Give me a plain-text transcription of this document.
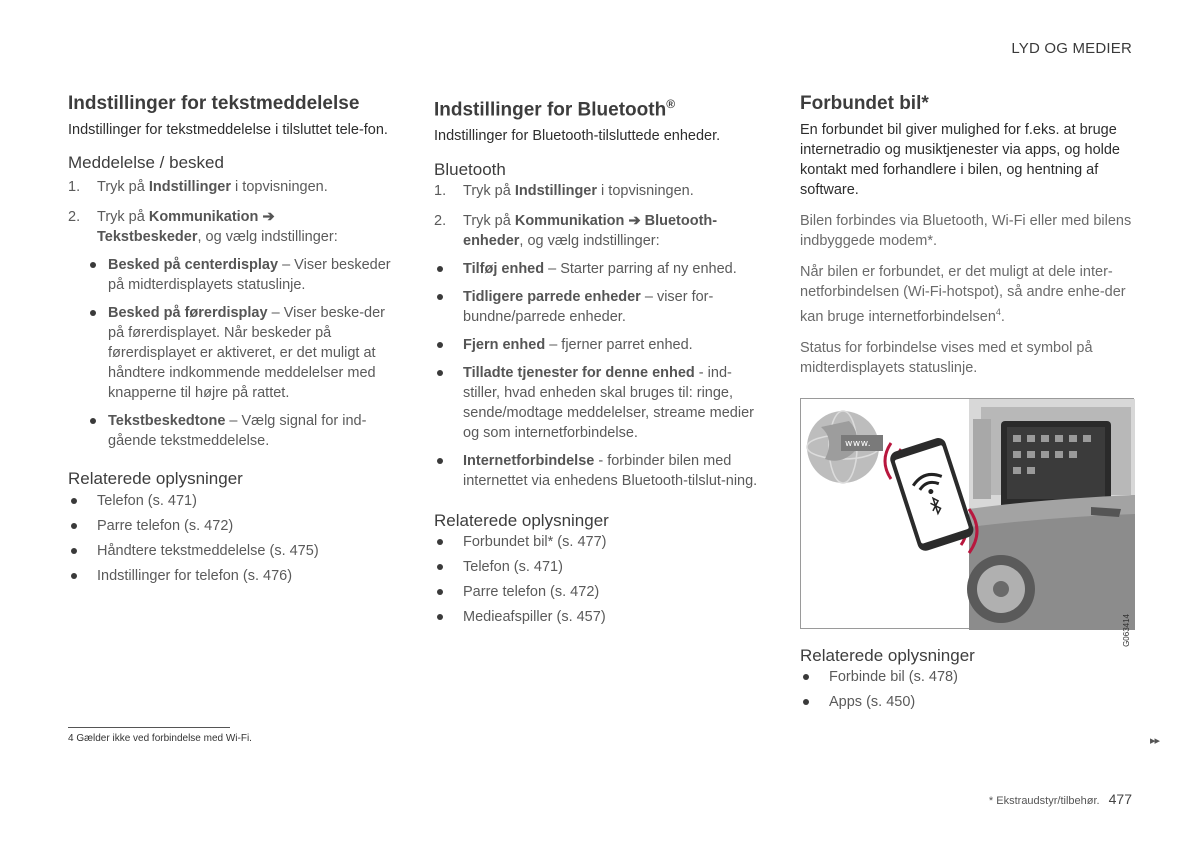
LYD OG MEDIER
Indstillinger for tekstmeddelelse

Indstillinger for tekstmeddelelse i tilsluttet tele-fon.

Meddelelse / besked
1. Tryk på Indstillinger i topvisningen.
2. Tryk på Kommunikation ➔
Tekstbeskeder, og vælg indstillinger:
Besked på centerdisplay – Viser beskeder på midterdisplayets statuslinje.
Besked på førerdisplay – Viser beske-der på førerdisplayet. Når beskeder på førerdisplayet er aktiveret, er det muligt at håndtere indkommende meddelelser med knapperne til højre på rattet.
Tekstbeskedtone – Vælg signal for ind-gående tekstmeddelelse.
Relaterede oplysninger
Telefon (s. 471)
Parre telefon (s. 472)
Håndtere tekstmeddelelse (s. 475)
Indstillinger for telefon (s. 476)
Indstillinger for Bluetooth®

Indstillinger for Bluetooth-tilsluttede enheder.

Bluetooth
1. Tryk på Indstillinger i topvisningen.
2. Tryk på Kommunikation ➔ Bluetooth-enheder, og vælg indstillinger:
Tilføj enhed – Starter parring af ny enhed.
Tidligere parrede enheder – viser for-bundne/parrede enheder.
Fjern enhed – fjerner parret enhed.
Tilladte tjenester for denne enhed - ind-stiller, hvad enheden skal bruges til: ringe, sende/modtage meddelelser, streame medier og som internetforbindelse.
Internetforbindelse - forbinder bilen med internettet via enhedens Bluetooth-tilslut-ning.
Relaterede oplysninger
Forbundet bil* (s. 477)
Telefon (s. 471)
Parre telefon (s. 472)
Medieafspiller (s. 457)
Forbundet bil*

En forbundet bil giver mulighed for f.eks. at bruge internetradio og musiktjenester via apps, og holde kontakt med forhandlere i bilen, og hentning af software.

Bilen forbindes via Bluetooth, Wi-Fi eller med bilens indbyggede modem*.

Når bilen er forbundet, er det muligt at dele inter-netforbindelsen (Wi-Fi-hotspot), så andre enhe-der kan bruge internetforbindelsen$^4$.

Status for forbindelse vises med et symbol på midterdisplayets statuslinje.

www.
G063414
Relaterede oplysninger
Forbinde bil (s. 478)
Apps (s. 450)
4 Gælder ikke ved forbindelse med Wi-Fi.	▸▸
* Ekstraudstyr/tilbehør. 477
